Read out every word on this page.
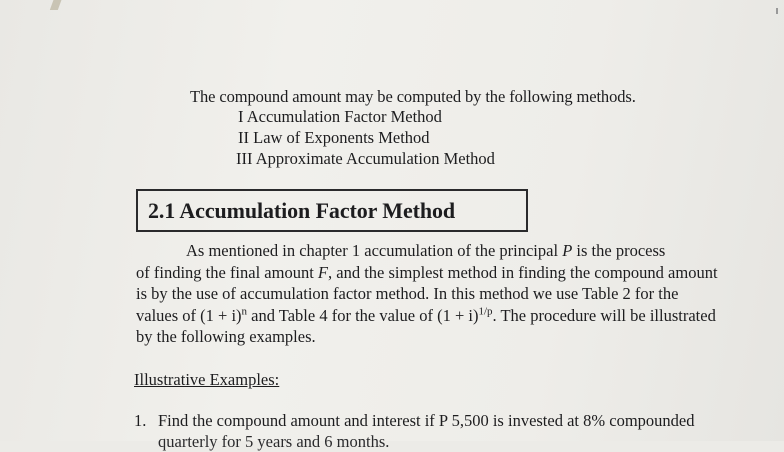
The compound amount may be computed by the following methods.
I Accumulation Factor Method
II Law of Exponents Method
III Approximate Accumulation Method
2.1 Accumulation Factor Method
As mentioned in chapter 1 accumulation of the principal P is the process
of finding the final amount F, and the simplest method in finding the compound amount
is by the use of accumulation factor method. In this method we use Table 2 for the
values of $(1 + i)^n$ and Table 4 for the value of $(1 + i)^{1/p}$. The procedure will be illustrated
by the following examples.
Illustrative Examples:
1. Find the compound amount and interest if P 5,500 is invested at 8% compounded
quarterly for 5 years and 6 months.
